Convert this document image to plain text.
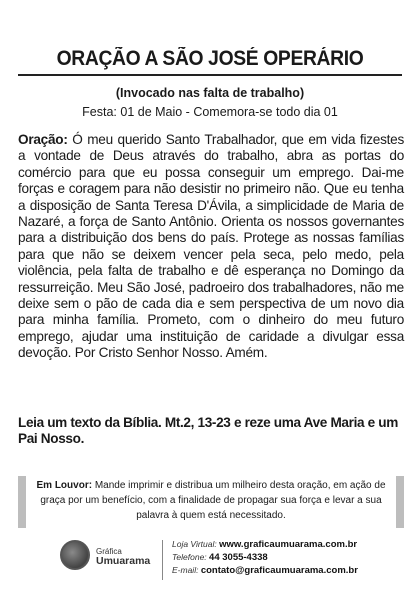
ORAÇÃO A SÃO JOSÉ OPERÁRIO

(Invocado nas falta de trabalho)

Festa: 01 de Maio - Comemora-se todo dia 01

Oração: Ó meu querido Santo Trabalhador, que em vida fizestes a vontade de Deus através do trabalho, abra as portas do comércio para que eu possa conseguir um emprego. Dai-me forças e coragem para não desistir no primeiro não. Que eu tenha a disposição de Santa Teresa D'Ávila, a simplicidade de Maria de Nazaré, a força de Santo Antônio. Orienta os nossos governantes para a distribuição dos bens do país. Protege as nossas famílias para que não se deixem vencer pela seca, pelo medo, pela violência, pela falta de trabalho e dê esperança no Domingo da ressurreição. Meu São José, padroeiro dos trabalhadores, não me deixe sem o pão de cada dia e sem perspectiva de um novo dia para minha família. Prometo, com o dinheiro do meu futuro emprego, ajudar uma instituição de caridade a divulgar essa devoção. Por Cristo Senhor Nosso. Amém.

Leia um texto da Bíblia. Mt.2, 13-23 e reze uma Ave Maria e um Pai Nosso.

Em Louvor: Mande imprimir e distribua um milheiro desta oração, em ação de graça por um benefício, com a finalidade de propagar sua força e levar a sua palavra à quem está necessitado.

Gráfica
Umuarama
Loja Virtual: www.graficaumuarama.com.br
Telefone: 44 3055-4338
E-mail: contato@graficaumuarama.com.br
